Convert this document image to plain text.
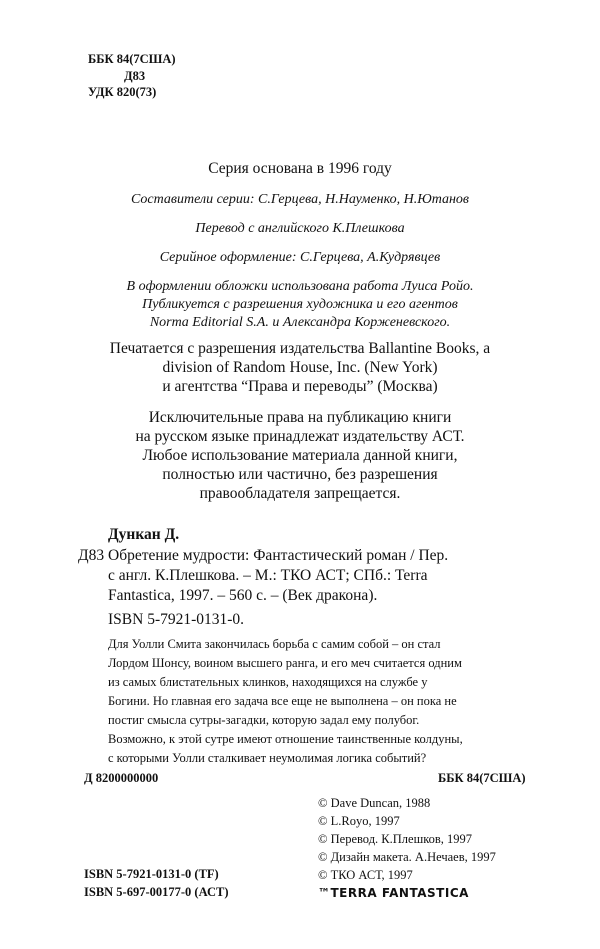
ББК 84(7США)
Д83
УДК 820(73)
Серия основана в 1996 году
Составители серии: С.Герцева, Н.Науменко, Н.Ютанов
Перевод с английского К.Плешкова
Серийное оформление: С.Герцева, А.Кудрявцев
В оформлении обложки использована работа Луиса Ройо.
Публикуется с разрешения художника и его агентов
Norma Editorial S.A. и Александра Корженевского.
Печатается с разрешения издательства Ballantine Books, a
division of Random House, Inc. (New York)
и агентства “Права и переводы” (Москва)
Исключительные права на публикацию книги
на русском языке принадлежат издательству АСТ.
Любое использование материала данной книги,
полностью или частично, без разрешения
правообладателя запрещается.
Дункан Д.
Д83 Обретение мудрости: Фантастический роман / Пер.
с англ. К.Плешкова. – М.: ТКО АСТ; СПб.: Terra
Fantastica, 1997. – 560 с. – (Век дракона).
ISBN 5-7921-0131-0.
Для Уолли Смита закончилась борьба с самим собой – он стал
Лордом Шонсу, воином высшего ранга, и его меч считается одним
из самых блистательных клинков, находящихся на службе у
Богини. Но главная его задача все еще не выполнена – он пока не
постиг смысла сутры-загадки, которую задал ему полубог.
Возможно, к этой сутре имеют отношение таинственные колдуны,
с которыми Уолли сталкивает неумолимая логика событий?
Д 8200000000	ББК 84(7США)
© Dave Duncan, 1988
© L.Royo, 1997
© Перевод. К.Плешков, 1997
© Дизайн макета. А.Нечаев, 1997
© ТКО АСТ, 1997
™TERRA FANTASTICA
ISBN 5-7921-0131-0 (TF)
ISBN 5-697-00177-0 (АСТ)
